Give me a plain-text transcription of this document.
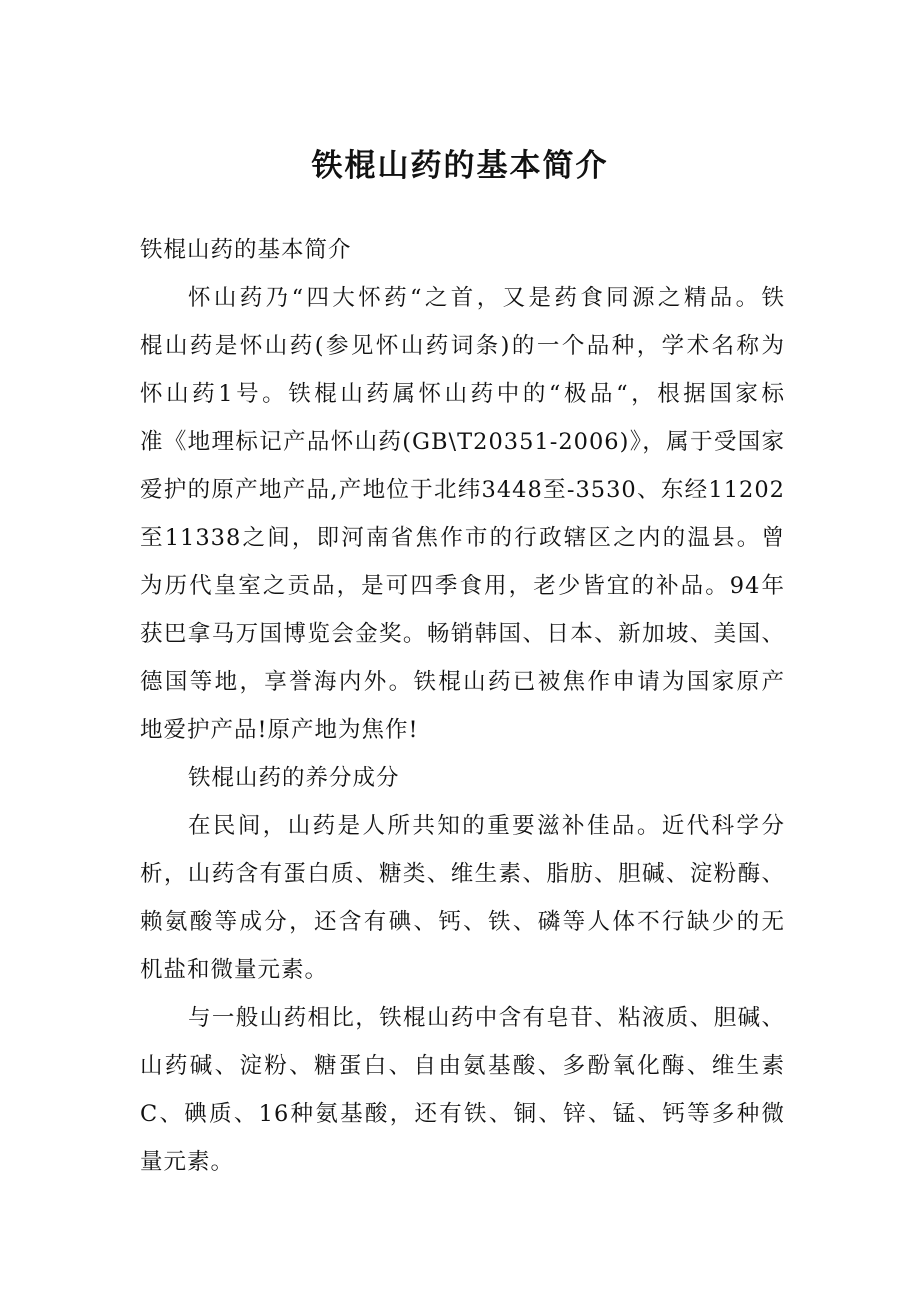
铁棍山药的基本简介
铁棍山药的基本简介
怀山药乃“四大怀药“之首，又是药食同源之精品。铁
棍山药是怀山药(参见怀山药词条)的一个品种，学术名称为
怀山药1号。铁棍山药属怀山药中的“极品“，根据国家标
准《地理标记产品怀山药(GB\T20351-2006)》，属于受国家
爱护的原产地产品,产地位于北纬3448至-3530、东经11202
至11338之间，即河南省焦作市的行政辖区之内的温县。曾
为历代皇室之贡品，是可四季食用，老少皆宜的补品。94年
获巴拿马万国博览会金奖。畅销韩国、日本、新加坡、美国、
德国等地，享誉海内外。铁棍山药已被焦作申请为国家原产
地爱护产品!原产地为焦作!
铁棍山药的养分成分
在民间，山药是人所共知的重要滋补佳品。近代科学分
析，山药含有蛋白质、糖类、维生素、脂肪、胆碱、淀粉酶、
赖氨酸等成分，还含有碘、钙、铁、磷等人体不行缺少的无
机盐和微量元素。
与一般山药相比，铁棍山药中含有皂苷、粘液质、胆碱、
山药碱、淀粉、糖蛋白、自由氨基酸、多酚氧化酶、维生素
C、碘质、16种氨基酸，还有铁、铜、锌、锰、钙等多种微
量元素。
